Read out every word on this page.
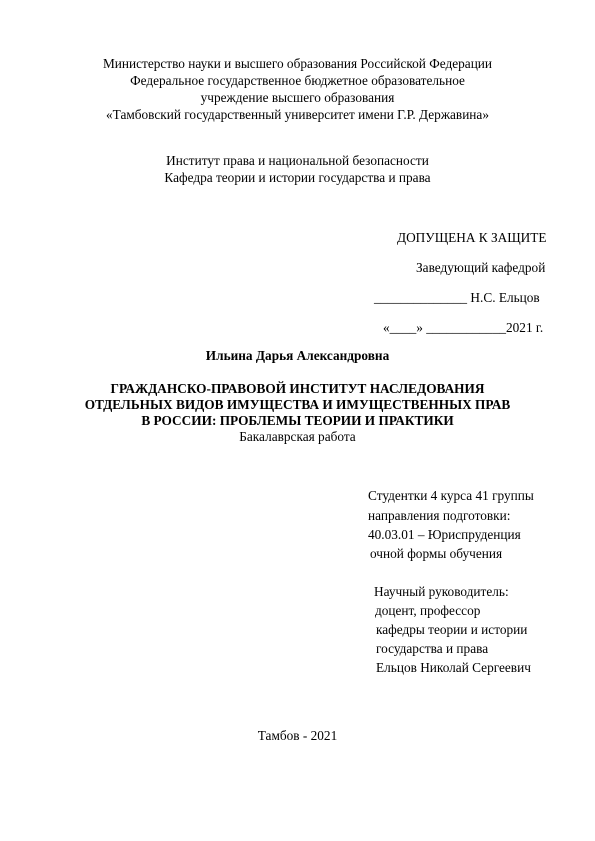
Министерство науки и высшего образования Российской Федерации
Федеральное государственное бюджетное образовательное
учреждение высшего образования
«Тамбовский государственный университет имени Г.Р. Державина»
Институт права и национальной безопасности
Кафедра теории и истории государства и права
ДОПУЩЕНА К ЗАЩИТЕ
Заведующий кафедрой
______________ Н.С. Ельцов
«____» ____________2021 г.
Ильина Дарья Александровна
ГРАЖДАНСКО-ПРАВОВОЙ ИНСТИТУТ НАСЛЕДОВАНИЯ
ОТДЕЛЬНЫХ ВИДОВ ИМУЩЕСТВА И ИМУЩЕСТВЕННЫХ ПРАВ
В РОССИИ: ПРОБЛЕМЫ ТЕОРИИ И ПРАКТИКИ
Бакалаврская работа
Студентки 4 курса 41 группы
направления подготовки:
40.03.01 – Юриспруденция
очной формы обучения
Научный руководитель:
доцент, профессор
кафедры теории и истории
государства и права
Ельцов Николай Сергеевич
Тамбов - 2021
